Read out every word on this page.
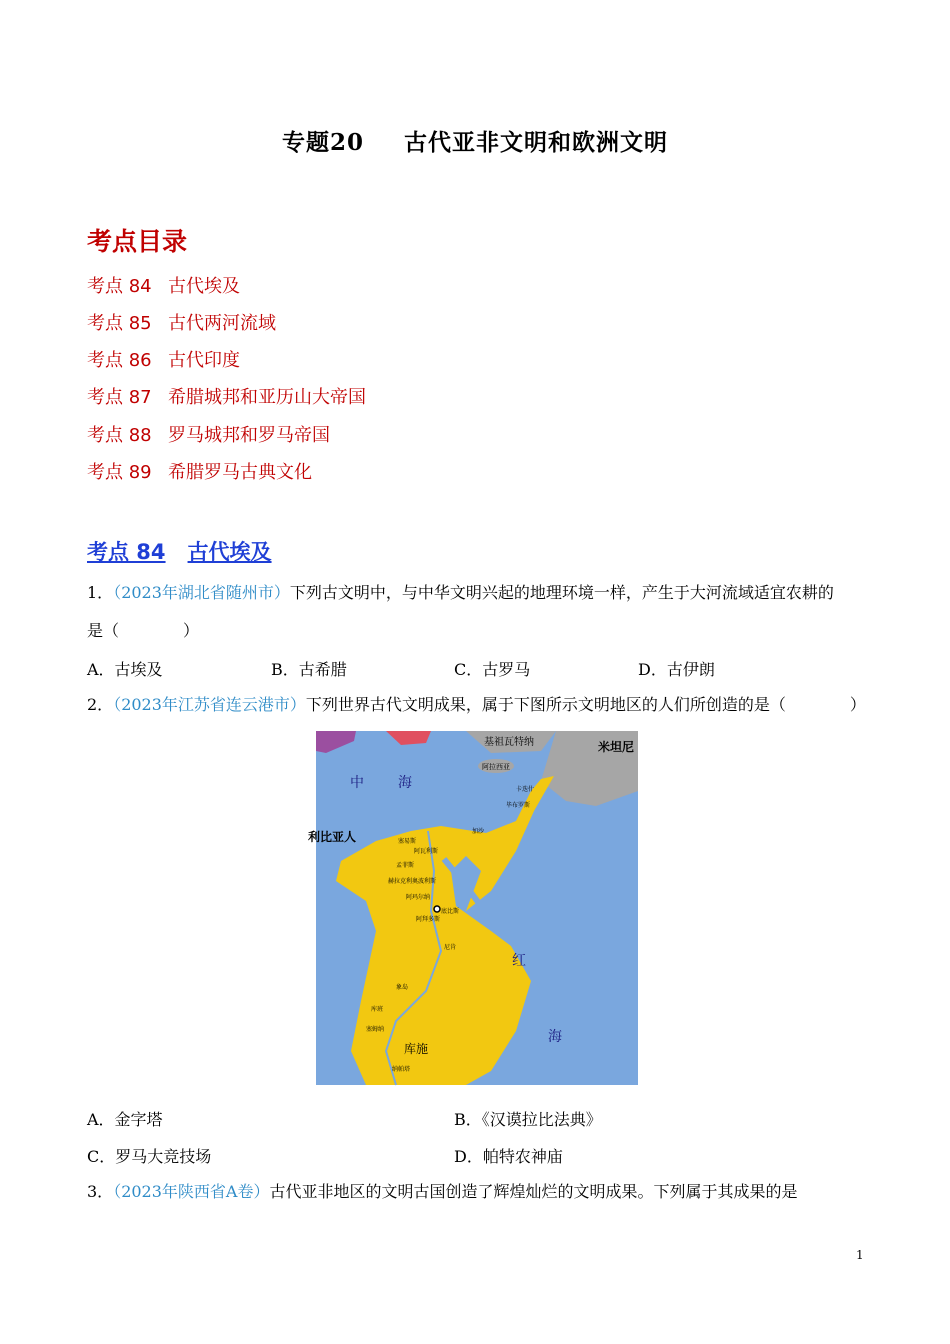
专题20 古代亚非文明和欧洲文明
考点目录
考点 84 古代埃及
考点 85 古代两河流域
考点 86 古代印度
考点 87 希腊城邦和亚历山大帝国
考点 88 罗马城邦和罗马帝国
考点 89 希腊罗马古典文化
考点 84 古代埃及
1．（2023年湖北省随州市）下列古文明中，与中华文明兴起的地理环境一样，产生于大河流域适宜农耕的
是（　　　　）
A．古埃及	B．古希腊	C．古罗马	D．古伊朗
2．（2023年江苏省连云港市）下列世界古代文明成果，属于下图所示文明地区的人们所创造的是（　　　　）
中 海
利比亚人
红
海
库施
米坦尼
基祖瓦特纳
阿拉西亚
塞易斯
孟菲斯
赫拉克利奥波利斯
阿玛尔纳
底比斯
阿拜多斯
尼肯
象岛
卡迭什
毕布罗斯
加沙
库班
纳帕塔
塞姆纳
阿瓦利斯
A．金字塔	B．《汉谟拉比法典》
C．罗马大竞技场	D．帕特农神庙
3．（2023年陕西省A卷）古代亚非地区的文明古国创造了辉煌灿烂的文明成果。下列属于其成果的是
1
